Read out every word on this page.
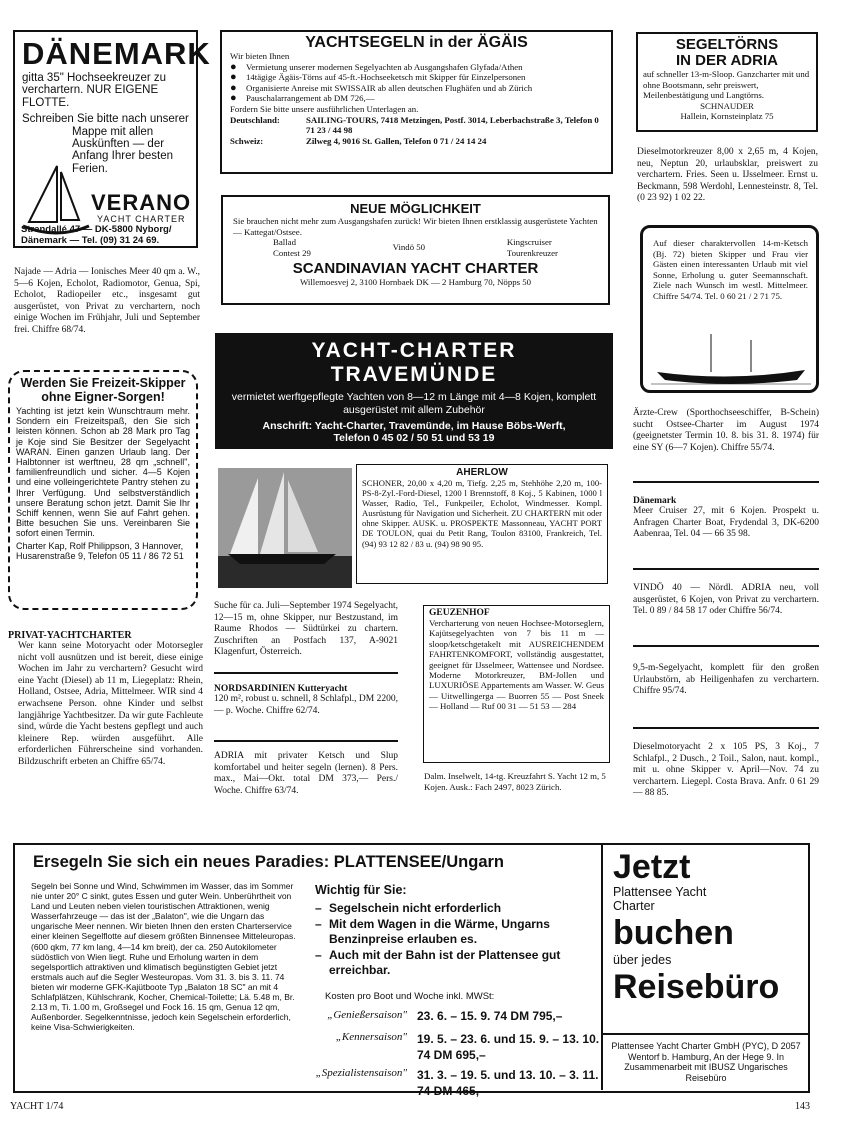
DÄNEMARK
gitta 35" Hochseekreuzer zu verchartern. NUR EIGENE FLOTTE.
Schreiben Sie bitte nach unserer Mappe mit allen Auskünften — der Anfang Ihrer besten Ferien.
VERANO
YACHT CHARTER
Strandallé 47 — DK-5800 Nyborg/ Dänemark — Tel. (09) 31 24 69.
Najade — Adria — Ionisches Meer 40 qm a. W., 5—6 Kojen, Echolot, Radiomotor, Genua, Spi, Echolot, Radiopeiler etc., insgesamt gut ausgerüstet, von Privat zu verchartern, noch einige Wochen im Frühjahr, Juli und September frei. Chiffre 68/74.
Werden Sie Freizeit-Skipper
ohne Eigner-Sorgen!
Yachting ist jetzt kein Wunschtraum mehr. Sondern ein Freizeitspaß, den Sie sich leisten können. Schon ab 28 Mark pro Tag je Koje sind Sie Besitzer der Segelyacht WARAN. Einen ganzen Urlaub lang. Der Halbtonner ist werftneu, 28 qm „schnell", familienfreundlich und sicher. 4—5 Kojen und eine volleingerichtete Pantry stehen zu Ihrer Verfügung. Und selbstverständlich unsere Beratung schon jetzt. Damit Sie Ihr Schiff kennen, wenn Sie auf Fahrt gehen. Bitte besuchen Sie uns. Vereinbaren Sie sofort einen Termin.
Charter Kap, Rolf Philippson, 3 Hannover, Husarenstraße 9, Telefon 05 11 / 86 72 51
PRIVAT-YACHTCHARTER
Wer kann seine Motoryacht oder Motorsegler nicht voll ausnützen und ist bereit, diese einige Wochen im Jahr zu verchartern? Gesucht wird eine Yacht (Diesel) ab 11 m, Liegeplatz: Rhein, Holland, Ostsee, Adria, Mittelmeer. WIR sind 4 erwachsene Person. ohne Kinder und selbst langjährige Yachtbesitzer. Da wir gute Fachleute sind, würde die Yacht bestens gepflegt und auch kleinere Rep. würden ausgeführt. Alle erforderlichen Führerscheine sind vorhanden. Bildzuschrift erbeten an Chiffre 65/74.
YACHTSEGELN in der ÄGÄIS
Wir bieten Ihnen
● Vermietung unserer modernen Segelyachten ab Ausgangshafen Glyfada/Athen
● 14tägige Ägäis-Törns auf 45-ft.-Hochseeketsch mit Skipper für Einzelpersonen
● Organisierte Anreise mit SWISSAIR ab allen deutschen Flughäfen und ab Zürich
● Pauschalarrangement ab DM 726,—
Fordern Sie bitte unsere ausführlichen Unterlagen an.
Deutschland:	SAILING-TOURS, 7418 Metzingen, Postf. 3014, Leberbachstraße 3, Telefon 0 71 23 / 44 98
Schweiz:	Zilweg 4, 9016 St. Gallen, Telefon 0 71 / 24 14 24
NEUE MÖGLICHKEIT
Sie brauchen nicht mehr zum Ausgangshafen zurück! Wir bieten Ihnen erstklassig ausgerüstete Yachten — Kattegat/Ostsee.
Ballad
Contest 29
Vindö 50
Kingscruiser
Tourenkreuzer
SCANDINAVIAN YACHT CHARTER
Willemoesvej 2, 3100 Hornbaek DK — 2 Hamburg 70, Nöpps 50
YACHT-CHARTER TRAVEMÜNDE
vermietet werftgepflegte Yachten von 8—12 m Länge mit 4—8 Kojen, komplett ausgerüstet mit allem Zubehör
Anschrift: Yacht-Charter, Travemünde, im Hause Böbs-Werft,
Telefon 0 45 02 / 50 51 und 53 19
AHERLOW
SCHONER, 20,00 x 4,20 m, Tiefg. 2,25 m, Stehhöhe 2,20 m, 100-PS-8-Zyl.-Ford-Diesel, 1200 l Brennstoff, 8 Koj., 5 Kabinen, 1000 l Wasser, Radio, Tel., Funkpeiler, Echolot, Windmesser. Kompl. Ausrüstung für Navigation und Sicherheit. ZU CHARTERN mit oder ohne Skipper. AUSK. u. PROSPEKTE Massonneau, YACHT PORT DE TOULON, quai du Petit Rang, Toulon 83100, Frankreich, Tel. (94) 93 12 82 / 83 u. (94) 98 90 95.
Suche für ca. Juli—September 1974 Segelyacht, 12—15 m, ohne Skipper, nur Bestzustand, im Raume Rhodos — Südtürkei zu chartern. Zuschriften an Postfach 137, A-9021 Klagenfurt, Österreich.
NORDSARDINIEN Kutteryacht
120 m², robust u. schnell, 8 Schlafpl., DM 2200,— p. Woche. Chiffre 62/74.
ADRIA mit privater Ketsch und Slup komfortabel und heiter segeln (lernen). 8 Pers. max., Mai—Okt. total DM 373,— Pers./ Woche. Chiffre 63/74.
GEUZENHOF
Vercharterung von neuen Hochsee-Motorseglern, Kajütsegelyachten von 7 bis 11 m — sloop/ketschgetakelt mit AUSREICHENDEM FAHRTENKOMFORT, vollständig ausgestattet, geeignet für IJsselmeer, Wattensee und Nordsee. Moderne Motorkreuzer, BM-Jollen und LUXURIÖSE Appartements am Wasser. W. Geus — Uitwellingerga — Buorren 55 — Post Sneek — Holland — Ruf 00 31 — 51 53 — 284
Dalm. Inselwelt, 14-tg. Kreuzfahrt S. Yacht 12 m, 5 Kojen. Ausk.: Fach 2497, 8023 Zürich.
SEGELTÖRNS
IN DER ADRIA
auf schneller 13-m-Sloop. Ganzcharter mit und ohne Bootsmann, sehr preiswert, Meilenbestätigung und Langtörns.
SCHNAUDER
Hallein, Kornsteinplatz 75
Dieselmotorkreuzer 8,00 x 2,65 m, 4 Kojen, neu, Neptun 20, urlaubsklar, preiswert zu verchartern. Fries. Seen u. IJsselmeer. Ernst u. Beckmann, 598 Werdohl, Lennesteinstr. 8, Tel. (0 23 92) 1 02 22.
Auf dieser charaktervollen 14-m-Ketsch (Bj. 72) bieten Skipper und Frau vier Gästen einen interessanten Urlaub mit viel Sonne, Erholung u. guter Seemannschaft. Ziele nach Wunsch im westl. Mittelmeer. Chiffre 54/74. Tel. 0 60 21 / 2 71 75.
Ärzte-Crew (Sporthochseeschiffer, B-Schein) sucht Ostsee-Charter im August 1974 (geeignetster Termin 10. 8. bis 31. 8. 1974) für eine SY (6—7 Kojen). Chiffre 55/74.
Dänemark
Meer Cruiser 27, mit 6 Kojen. Prospekt u. Anfragen Charter Boat, Frydendal 3, DK-6200 Aabenraa, Tel. 04 — 66 35 98.
VINDÖ 40 — Nördl. ADRIA neu, voll ausgerüstet, 6 Kojen, von Privat zu verchartern. Tel. 0 89 / 84 58 17 oder Chiffre 56/74.
9,5-m-Segelyacht, komplett für den großen Urlaubstörn, ab Heiligenhafen zu verchartern. Chiffre 95/74.
Dieselmotoryacht 2 x 105 PS, 3 Koj., 7 Schlafpl., 2 Dusch., 2 Toil., Salon, naut. kompl., mit u. ohne Skipper v. April—Nov. 74 zu verchartern. Liegepl. Costa Brava. Anfr. 0 61 29 — 88 85.
Ersegeln Sie sich ein neues Paradies: PLATTENSEE/Ungarn
Segeln bei Sonne und Wind, Schwimmen im Wasser, das im Sommer nie unter 20° C sinkt, gutes Essen und guter Wein. Unberührtheit von Land und Leuten neben vielen touristischen Attraktionen, wenig Wasserfahrzeuge — das ist der „Balaton", wie die Ungarn das ungarische Meer nennen. Wir bieten Ihnen den ersten Charterservice einer kleinen Segelflotte auf diesem größten Binnensee Mitteleuropas. (600 qkm, 77 km lang, 4—14 km breit), der ca. 250 Autokilometer südöstlich von Wien liegt. Ruhe und Erholung warten in dem segelsportlich attraktiven und klimatisch begünstigten Gebiet jetzt erstmals auch auf die Segler Westeuropas. Vom 31. 3. bis 3. 11. 74 bieten wir moderne GFK-Kajütboote Typ „Balaton 18 SC" an mit 4 Schlafplätzen, Kühlschrank, Kocher, Chemical-Toilette; Lä. 5.48 m, Br. 2.13 m, Ti. 1.00 m, Großsegel und Fock 16. 15 qm, Genua 12 qm, Außenborder. Segelkenntnisse, jedoch kein Segelschein erforderlich, keine Visa-Schwierigkeiten.
Wichtig für Sie:
– Segelschein nicht erforderlich
– Mit dem Wagen in die Wärme, Ungarns Benzinpreise erlauben es.
– Auch mit der Bahn ist der Plattensee gut erreichbar.
Kosten pro Boot und Woche inkl. MWSt:
„Genießersaison" 23. 6. – 15. 9. 74 DM 795,–
„Kennersaison" 19. 5. – 23. 6. und 15. 9. – 13. 10. 74 DM 695,–
„Spezialistensaison" 31. 3. – 19. 5. und 13. 10. – 3. 11. 74 DM 465,–
Jetzt
Plattensee Yacht Charter
buchen
über jedes
Reisebüro
Plattensee Yacht Charter GmbH (PYC), D 2057 Wentorf b. Hamburg, An der Hege 9. In Zusammenarbeit mit IBUSZ Ungarisches Reisebüro
YACHT 1/74	143
